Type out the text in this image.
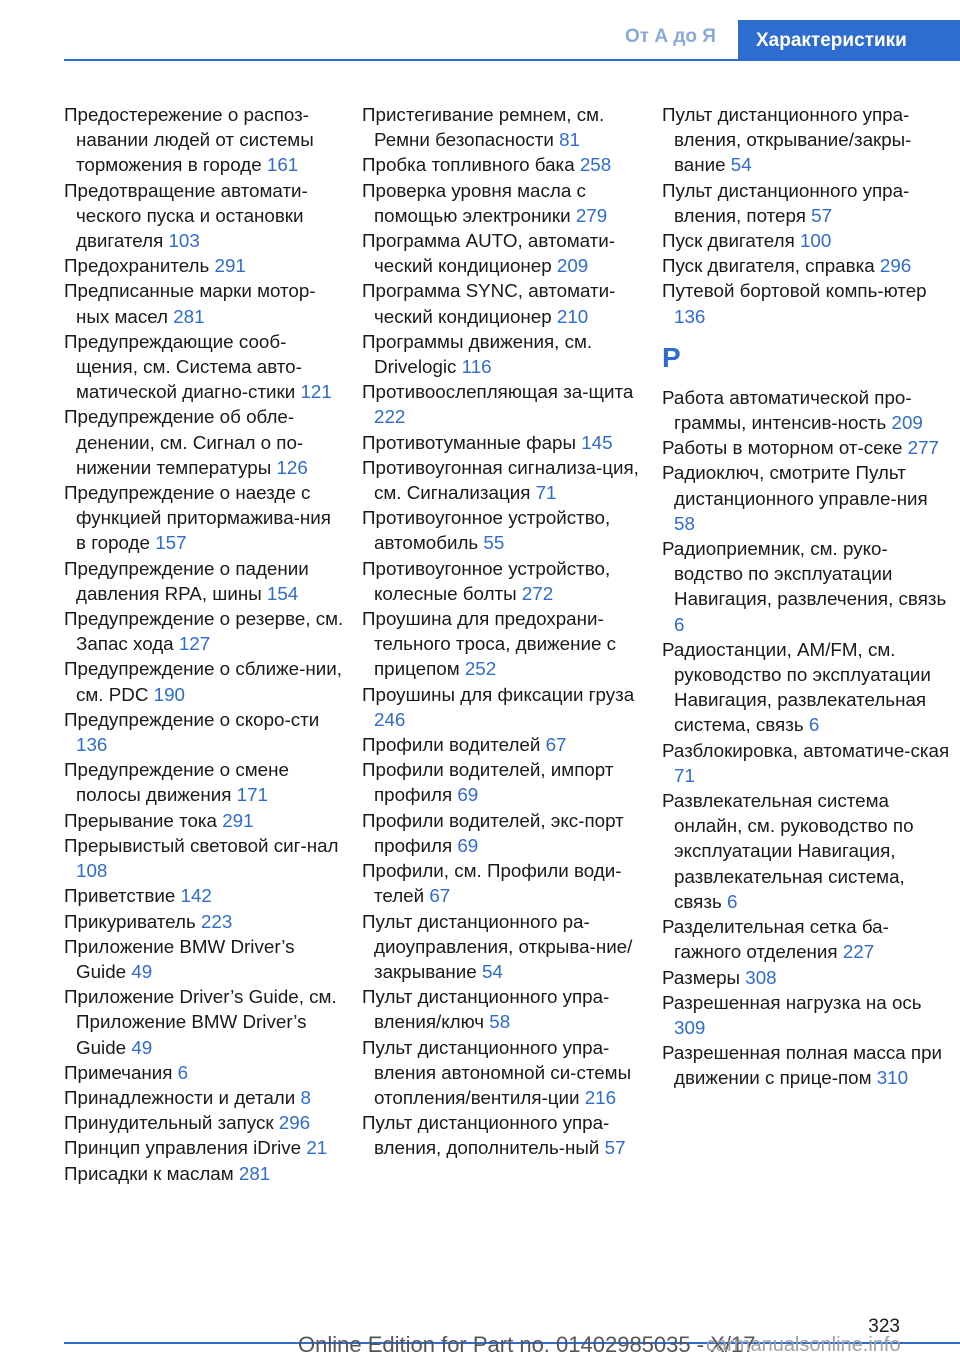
От А до Я	Характеристики

Предостережение о распоз-навании людей от системы торможения в городе 161

Предотвращение автомати-ческого пуска и остановки двигателя 103

Предохранитель 291

Предписанные марки мотор-ных масел 281

Предупреждающие сооб-щения, см. Система авто-матической диагно-стики 121

Предупреждение об обле-денении, см. Сигнал о по-нижении температуры 126

Предупреждение о наезде с функцией притормажива-ния в городе 157

Предупреждение о падении давления RPA, шины 154

Предупреждение о резерве, см. Запас хода 127

Предупреждение о сближе-нии, см. PDC 190

Предупреждение о скоро-сти 136

Предупреждение о смене полосы движения 171

Прерывание тока 291

Прерывистый световой сиг-нал 108

Приветствие 142

Прикуриватель 223

Приложение BMW Driver’s Guide 49

Приложение Driver’s Guide, см. Приложение BMW Driver’s Guide 49

Примечания 6

Принадлежности и детали 8

Принудительный запуск 296

Принцип управления iDrive 21

Присадки к маслам 281

Пристегивание ремнем, см. Ремни безопасности 81

Пробка топливного бака 258

Проверка уровня масла с помощью электроники 279

Программа AUTO, автомати-ческий кондиционер 209

Программа SYNC, автомати-ческий кондиционер 210

Программы движения, см. Drivelogic 116

Противоослепляющая за-щита 222

Противотуманные фары 145

Противоугонная сигнализа-ция, см. Сигнализация 71

Противоугонное устройство, автомобиль 55

Противоугонное устройство, колесные болты 272

Проушина для предохрани-тельного троса, движение с прицепом 252

Проушины для фиксации груза 246

Профили водителей 67

Профили водителей, импорт профиля 69

Профили водителей, экс-порт профиля 69

Профили, см. Профили води-телей 67

Пульт дистанционного ра-диоуправления, открыва-ние/закрывание 54

Пульт дистанционного упра-вления/ключ 58

Пульт дистанционного упра-вления автономной си-стемы отопления/вентиля-ции 216

Пульт дистанционного упра-вления, дополнитель-ный 57

Пульт дистанционного упра-вления, открывание/закры-вание 54

Пульт дистанционного упра-вления, потеря 57

Пуск двигателя 100

Пуск двигателя, справка 296

Путевой бортовой компь-ютер 136

Р

Работа автоматической про-граммы, интенсив-ность 209

Работы в моторном от-секе 277

Радиоключ, смотрите Пульт дистанционного управле-ния 58

Радиоприемник, см. руко-водство по эксплуатации Навигация, развлечения, связь 6

Радиостанции, AM/FM, см. руководство по эксплуатации Навигация, развлекательная система, связь 6

Разблокировка, автоматиче-ская 71

Развлекательная система онлайн, см. руководство по эксплуатации Навигация, развлекательная система, связь 6

Разделительная сетка ба-гажного отделения 227

Размеры 308

Разрешенная нагрузка на ось 309

Разрешенная полная масса при движении с прице-пом 310

323
Online Edition for Part no. 01402985035 - X/17
carmanualsonline.info
